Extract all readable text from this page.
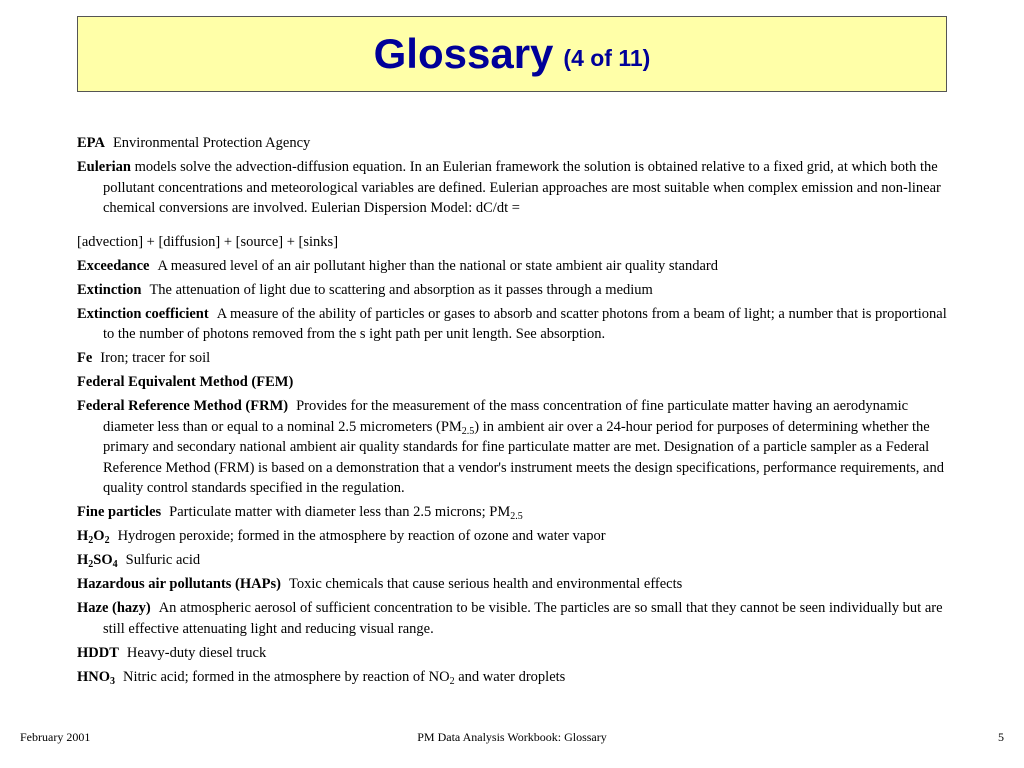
Glossary (4 of 11)
EPA Environmental Protection Agency
Eulerian models solve the advection-diffusion equation. In an Eulerian framework the solution is obtained relative to a fixed grid, at which both the pollutant concentrations and meteorological variables are defined. Eulerian approaches are most suitable when complex emission and non-linear chemical conversions are involved. Eulerian Dispersion Model: dC/dt =
[advection] + [diffusion] + [source] + [sinks]
Exceedance A measured level of an air pollutant higher than the national or state ambient air quality standard
Extinction The attenuation of light due to scattering and absorption as it passes through a medium
Extinction coefficient A measure of the ability of particles or gases to absorb and scatter photons from a beam of light; a number that is proportional to the number of photons removed from the s ight path per unit length. See absorption.
Fe Iron; tracer for soil
Federal Equivalent Method (FEM)
Federal Reference Method (FRM) Provides for the measurement of the mass concentration of fine particulate matter having an aerodynamic diameter less than or equal to a nominal 2.5 micrometers $(PM_{2.5})$ in ambient air over a 24-hour period for purposes of determining whether the primary and secondary national ambient air quality standards for fine particulate matter are met. Designation of a particle sampler as a Federal Reference Method (FRM) is based on a demonstration that a vendor's instrument meets the design specifications, performance requirements, and quality control standards specified in the regulation.
Fine particles Particulate matter with diameter less than 2.5 microns; $PM_{2.5}$
$H_2O_2$ Hydrogen peroxide; formed in the atmosphere by reaction of ozone and water vapor
$H_2SO_4$ Sulfuric acid
Hazardous air pollutants (HAPs) Toxic chemicals that cause serious health and environmental effects
Haze (hazy) An atmospheric aerosol of sufficient concentration to be visible. The particles are so small that they cannot be seen individually but are still effective attenuating light and reducing visual range.
HDDT Heavy-duty diesel truck
$HNO_3$ Nitric acid; formed in the atmosphere by reaction of $NO_2$ and water droplets
February 2001	PM Data Analysis Workbook: Glossary	5
